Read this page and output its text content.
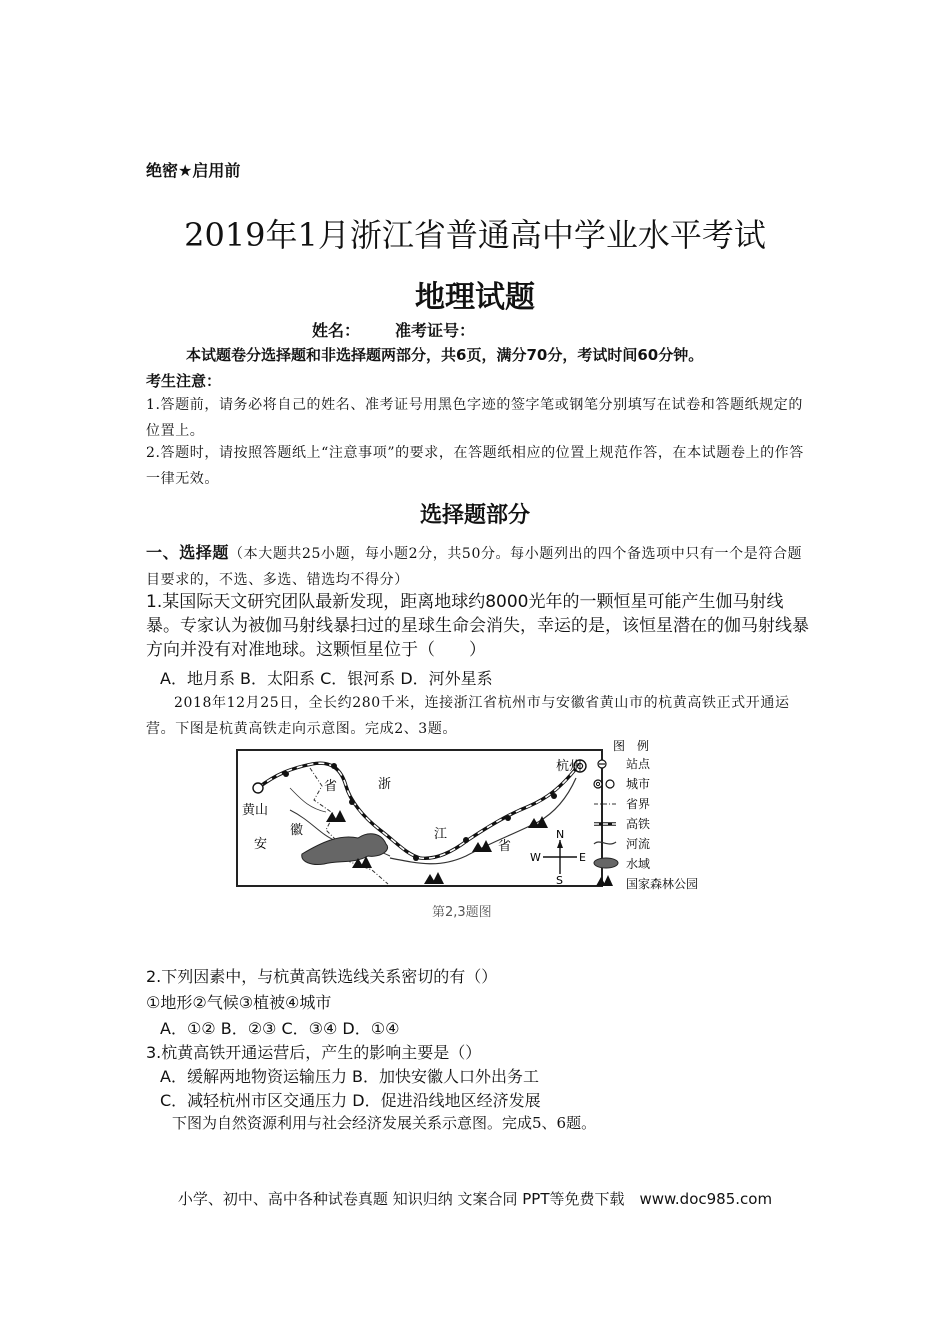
绝密★启用前
2019年1月浙江省普通高中学业水平考试
地理试题
姓名： 准考证号：
本试题卷分选择题和非选择题两部分，共6页，满分70分，考试时间60分钟。
考生注意：
1.答题前，请务必将自己的姓名、准考证号用黑色字迹的签字笔或钢笔分别填写在试卷和答题纸规定的位置上。
2.答题时，请按照答题纸上“注意事项”的要求，在答题纸相应的位置上规范作答，在本试题卷上的作答一律无效。
选择题部分
一、选择题（本大题共25小题，每小题2分，共50分。每小题列出的四个备选项中只有一个是符合题目要求的，不选、多选、错选均不得分）
1.某国际天文研究团队最新发现，距离地球约8000光年的一颗恒星可能产生伽马射线暴。专家认为被伽马射线暴扫过的星球生命会消失，幸运的是，该恒星潜在的伽马射线暴方向并没有对准地球。这颗恒星位于（　　）
A．地月系 B．太阳系 C．银河系 D．河外星系
2018年12月25日，全长约280千米，连接浙江省杭州市与安徽省黄山市的杭黄高铁正式开通运营。下图是杭黄高铁走向示意图。完成2、3题。
黄山
杭州
安
徽
省	浙
江
省
N
S
E
W
图　例
站点
城市
省界
高铁
河流
水域
国家森林公园
第2,3题图
2.下列因素中，与杭黄高铁选线关系密切的有（）
①地形②气候③植被④城市
A．①② B．②③ C．③④ D．①④
3.杭黄高铁开通运营后，产生的影响主要是（）
A．缓解两地物资运输压力 B．加快安徽人口外出务工
C．减轻杭州市区交通压力 D．促进沿线地区经济发展
下图为自然资源利用与社会经济发展关系示意图。完成5、6题。
小学、初中、高中各种试卷真题 知识归纳 文案合同 PPT等免费下载　www.doc985.com
